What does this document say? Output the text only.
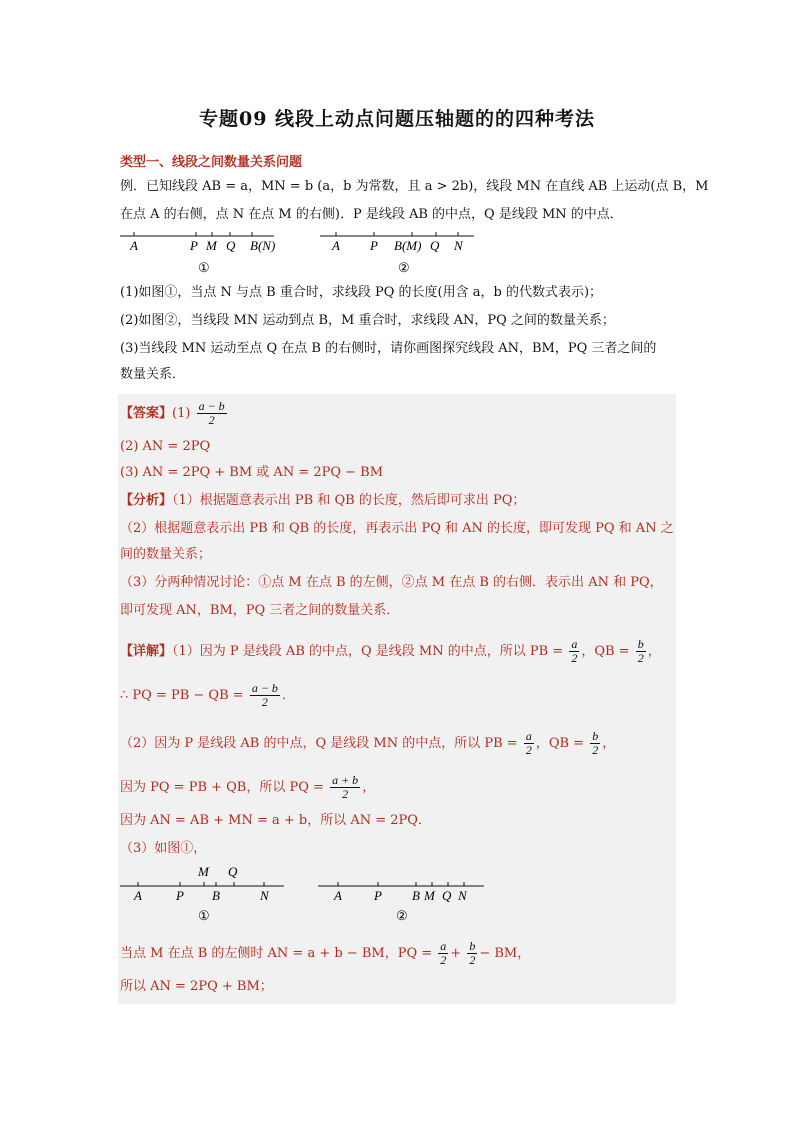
专题09 线段上动点问题压轴题的的四种考法
类型一、线段之间数量关系问题
例．已知线段 AB = a，MN = b (a，b 为常数，且 a > 2b)，线段 MN 在直线 AB 上运动(点 B，M
在点 A 的右侧，点 N 在点 M 的右侧)．P 是线段 AB 的中点，Q 是线段 MN 的中点．
A	P M Q B(N)
①
A P B(M) Q N
②
(1)如图①，当点 N 与点 B 重合时，求线段 PQ 的长度(用含 a，b 的代数式表示)；
(2)如图②，当线段 MN 运动到点 B，M 重合时，求线段 AN，PQ 之间的数量关系；
(3)当线段 MN 运动至点 Q 在点 B 的右侧时，请你画图探究线段 AN，BM，PQ 三者之间的
数量关系．
【答案】$(1) \frac{a - b}{2}$
(2) AN = 2PQ
(3) AN = 2PQ + BM 或 AN = 2PQ − BM
【分析】（1）根据题意表示出 PB 和 QB 的长度，然后即可求出 PQ；
（2）根据题意表示出 PB 和 QB 的长度，再表示出 PQ 和 AN 的长度，即可发现 PQ 和 AN 之
间的数量关系；
（3）分两种情况讨论：①点 M 在点 B 的左侧，②点 M 在点 B 的右侧．表示出 AN 和 PQ，
即可发现 AN，BM，PQ 三者之间的数量关系．
【详解】（1）因为 P 是线段 AB 的中点，Q 是线段 MN 的中点，所以 PB = $\frac{a}{2}$ ，QB = $\frac{b}{2}$ ，
∴ PQ = PB − QB = $\frac{a - b}{2}$ ．
（2）因为 P 是线段 AB 的中点，Q 是线段 MN 的中点，所以 PB = $\frac{a}{2}$ ，QB = $\frac{b}{2}$ ，
因为 PQ = PB + QB，所以 PQ = $\frac{a + b}{2}$ ，
因为 AN = AB + MN = a + b，所以 AN = 2PQ．
（3）如图①，
M Q
A	P B	N
①
A P B M Q N
②
当点 M 在点 B 的左侧时 AN = a + b − BM，PQ = $\frac{a}{2} + \frac{b}{2}$ − BM，
所以 AN = 2PQ + BM；
